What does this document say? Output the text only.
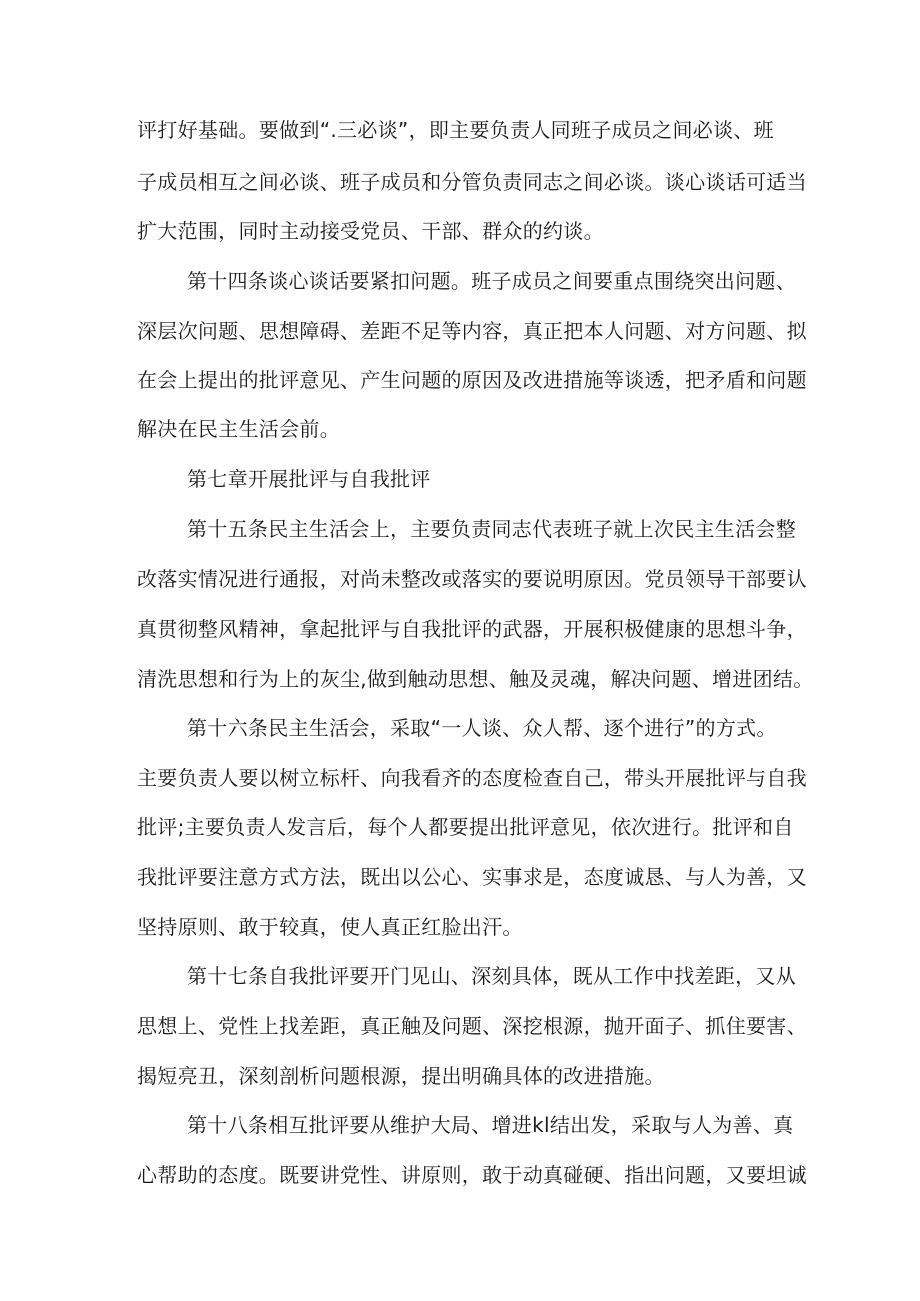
评打好基础。要做到“.三必谈”，即主要负责人同班子成员之间必谈、班
子成员相互之间必谈、班子成员和分管负责同志之间必谈。谈心谈话可适当
扩大范围，同时主动接受党员、干部、群众的约谈。
第十四条谈心谈话要紧扣问题。班子成员之间要重点围绕突出问题、
深层次问题、思想障碍、差距不足等内容，真正把本人问题、对方问题、拟
在会上提出的批评意见、产生问题的原因及改进措施等谈透，把矛盾和问题
解决在民主生活会前。
第七章开展批评与自我批评
第十五条民主生活会上，主要负责同志代表班子就上次民主生活会整
改落实情况进行通报，对尚未整改或落实的要说明原因。党员领导干部要认
真贯彻整风精神，拿起批评与自我批评的武器，开展积极健康的思想斗争，
清洗思想和行为上的灰尘,做到触动思想、触及灵魂，解决问题、增进团结。
第十六条民主生活会，采取“一人谈、众人帮、逐个进行”的方式。
主要负责人要以树立标杆、向我看齐的态度检查自己，带头开展批评与自我
批评;主要负责人发言后，每个人都要提出批评意见，依次进行。批评和自
我批评要注意方式方法，既出以公心、实事求是，态度诚恳、与人为善，又
坚持原则、敢于较真，使人真正红脸出汗。
第十七条自我批评要开门见山、深刻具体，既从工作中找差距，又从
思想上、党性上找差距，真正触及问题、深挖根源，抛开面子、抓住要害、
揭短亮丑，深刻剖析问题根源，提出明确具体的改进措施。
第十八条相互批评要从维护大局、增进kl结出发，采取与人为善、真
心帮助的态度。既要讲党性、讲原则，敢于动真碰硬、指出问题，又要坦诚
